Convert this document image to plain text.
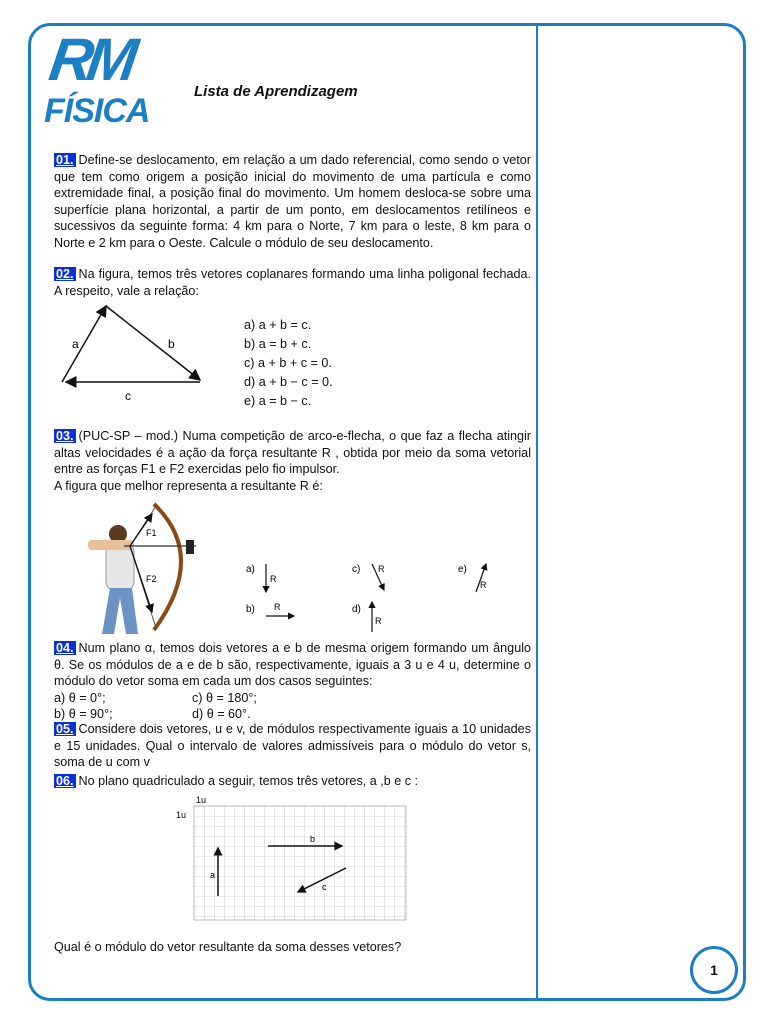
RM
FÍSICA
Lista de Aprendizagem
01. Define-se deslocamento, em relação a um dado referencial, como sendo o vetor que tem como origem a posição inicial do movimento de uma partícula e como extremidade final, a posição final do movimento. Um homem desloca-se sobre uma superfície plana horizontal, a partir de um ponto, em deslocamentos retilíneos e sucessivos da seguinte forma: 4 km para o Norte, 7 km para o leste, 8 km para o Norte e 2 km para o Oeste. Calcule o módulo de seu deslocamento.
02. Na figura, temos três vetores coplanares formando uma linha poligonal fechada. A respeito, vale a relação:
a	b
c
a) a + b = c.
b) a = b + c.
c) a + b + c = 0.
d) a + b − c = 0.
e) a = b − c.
03. (PUC-SP – mod.) Numa competição de arco-e-flecha, o que faz a flecha atingir altas velocidades é a ação da força resultante R , obtida por meio da soma vetorial entre as forças F1 e F2 exercidas pelo fio impulsor.
A figura que melhor representa a resultante R é:
F1
F2
a)
R
b) R
c) R
d)
R
e)
R
04. Num plano α, temos dois vetores a e b de mesma origem formando um ângulo θ. Se os módulos de a e de b são, respectivamente, iguais a 3 u e 4 u, determine o módulo do vetor soma em cada um dos casos seguintes:
a) θ = 0°;	c) θ = 180°;
b) θ = 90°;	d) θ = 60°.
05. Considere dois vetores, u e v, de módulos respectivamente iguais a 10 unidades e 15 unidades. Qual o intervalo de valores admissíveis para o módulo do vetor s, soma de u com v
06. No plano quadriculado a seguir, temos três vetores, a ,b e c :
1u
1u
a
b
c
Qual é o módulo do vetor resultante da soma desses vetores?
1
